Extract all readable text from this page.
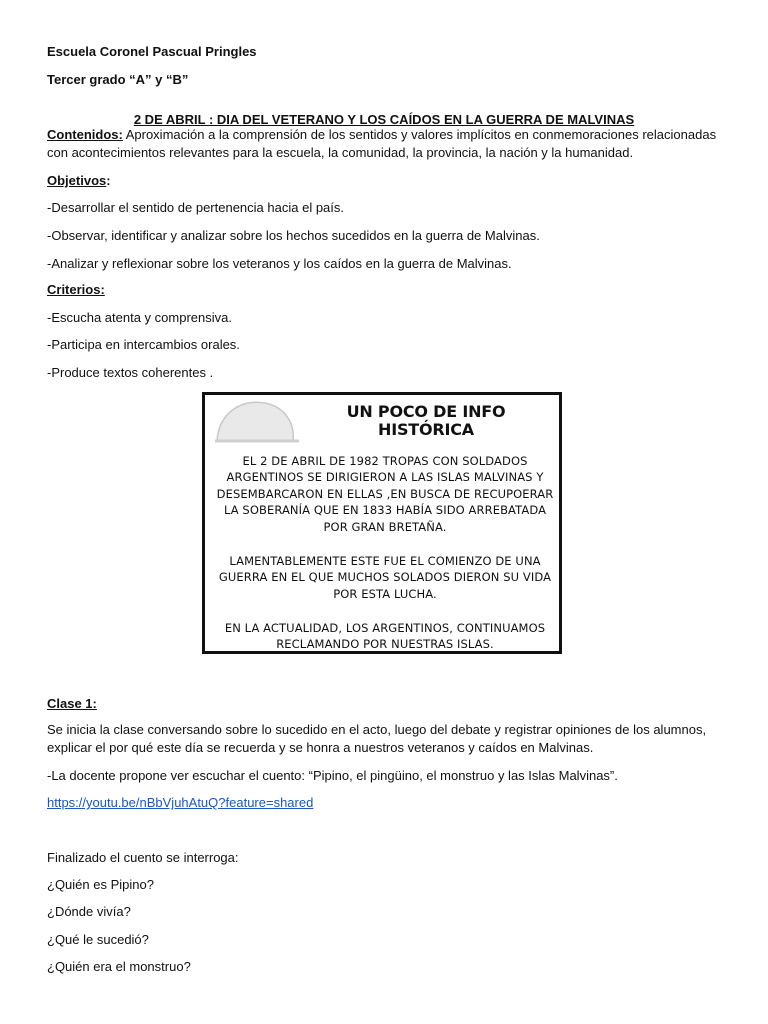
Escuela Coronel Pascual Pringles

Tercer grado “A” y “B”

2 DE ABRIL : DIA DEL VETERANO Y LOS CAÍDOS EN LA GUERRA DE MALVINAS

Contenidos: Aproximación a la comprensión de los sentidos y valores implícitos en conmemoraciones relacionadas con acontecimientos relevantes para la escuela, la comunidad, la provincia, la nación y la humanidad.

Objetivos:

-Desarrollar el sentido de pertenencia hacia el país.

-Observar, identificar y analizar sobre los hechos sucedidos en la guerra de Malvinas.

-Analizar y reflexionar sobre los veteranos y los caídos en la guerra de Malvinas.

Criterios:

-Escucha atenta y comprensiva.

-Participa en intercambios orales.

-Produce textos coherentes .

UN POCO DE INFO HISTÓRICA

EL 2 DE ABRIL DE 1982 TROPAS CON SOLDADOS ARGENTINOS SE DIRIGIERON A LAS ISLAS MALVINAS Y DESEMBARCARON EN ELLAS ,EN BUSCA DE RECUPOERAR LA SOBERANÍA QUE EN 1833 HABÍA SIDO ARREBATADA POR GRAN BRETAÑA.

LAMENTABLEMENTE ESTE FUE EL COMIENZO DE UNA GUERRA EN EL QUE MUCHOS SOLADOS DIERON SU VIDA POR ESTA LUCHA.

EN LA ACTUALIDAD, LOS ARGENTINOS, CONTINUAMOS RECLAMANDO POR NUESTRAS ISLAS.

Clase 1:

Se inicia la clase conversando sobre lo sucedido en el acto, luego del debate y registrar opiniones de los alumnos, explicar el por qué este día se recuerda y se honra a nuestros veteranos y caídos en Malvinas.

-La docente propone ver escuchar el cuento: “Pipino, el pingüino, el monstruo y las Islas Malvinas”.

https://youtu.be/nBbVjuhAtuQ?feature=shared

Finalizado el cuento se interroga:

¿Quién es Pipino?

¿Dónde vivía?

¿Qué le sucedió?

¿Quién era el monstruo?
